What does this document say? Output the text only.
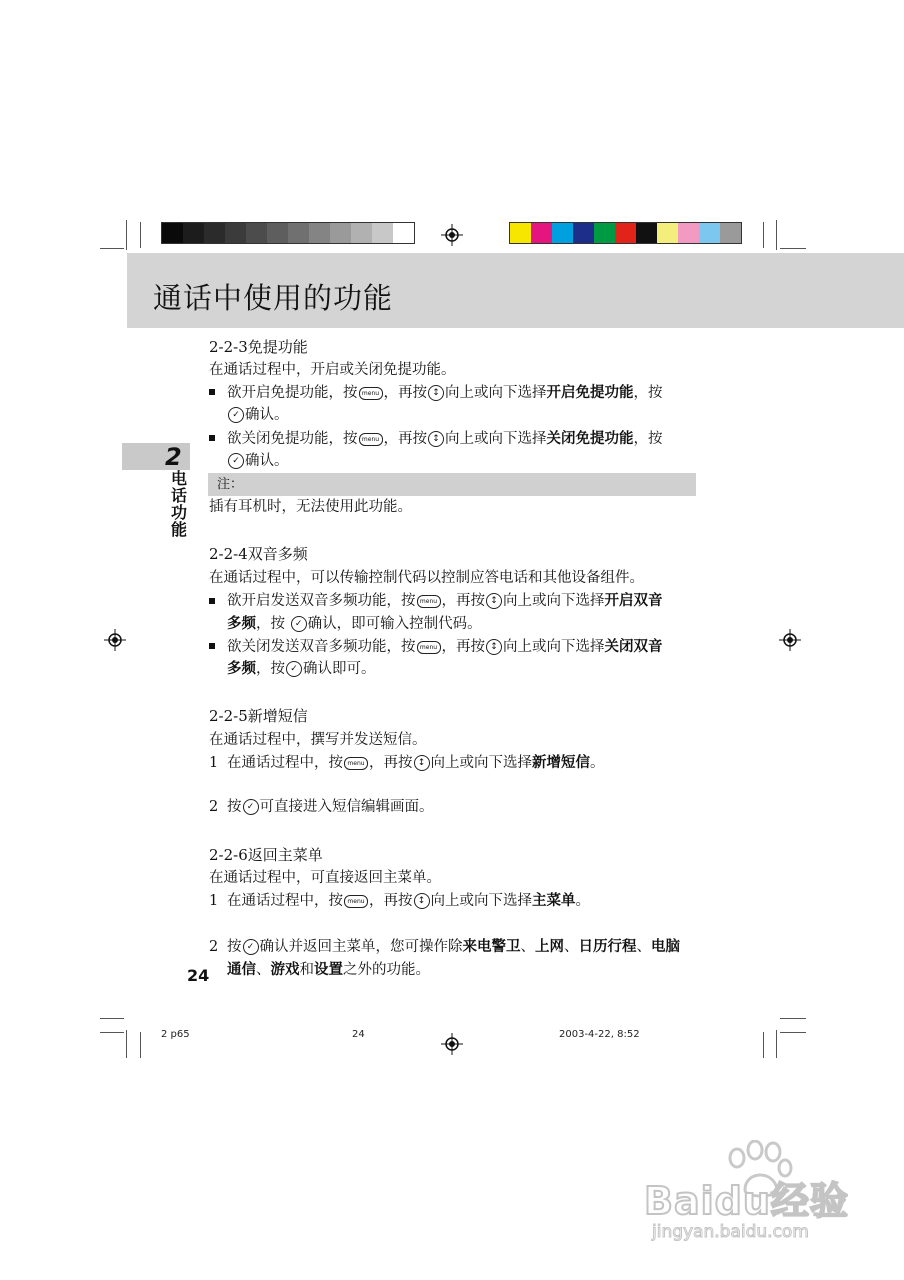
通话中使用的功能
2
电话功能
2-2-3免提功能
在通话过程中，开启或关闭免提功能。
欲开启免提功能，按 menu ，再按 ↕ 向上或向下选择开启免提功能，按
✓ 确认。
欲关闭免提功能，按 menu ，再按 ↕ 向上或向下选择关闭免提功能，按
✓ 确认。
注：
插有耳机时，无法使用此功能。
2-2-4双音多频
在通话过程中，可以传输控制代码以控制应答电话和其他设备组件。
欲开启发送双音多频功能，按 menu ，再按 ↕ 向上或向下选择开启双音
多频，按 ✓ 确认，即可输入控制代码。
欲关闭发送双音多频功能，按 menu ，再按 ↕ 向上或向下选择关闭双音
多频，按 ✓ 确认即可。
2-2-5新增短信
在通话过程中，撰写并发送短信。
1 在通话过程中，按 menu ，再按 ↕ 向上或向下选择新增短信。
2 按 ✓ 可直接进入短信编辑画面。
2-2-6返回主菜单
在通话过程中，可直接返回主菜单。
1 在通话过程中，按 menu ，再按 ↕ 向上或向下选择主菜单。
2 按 ✓ 确认并返回主菜单，您可操作除来电警卫、上网、日历行程、电脑
通信、游戏和设置之外的功能。
24
2 p65	24	2003-4-22, 8:52
Baidu经验
jingyan.baidu.com
